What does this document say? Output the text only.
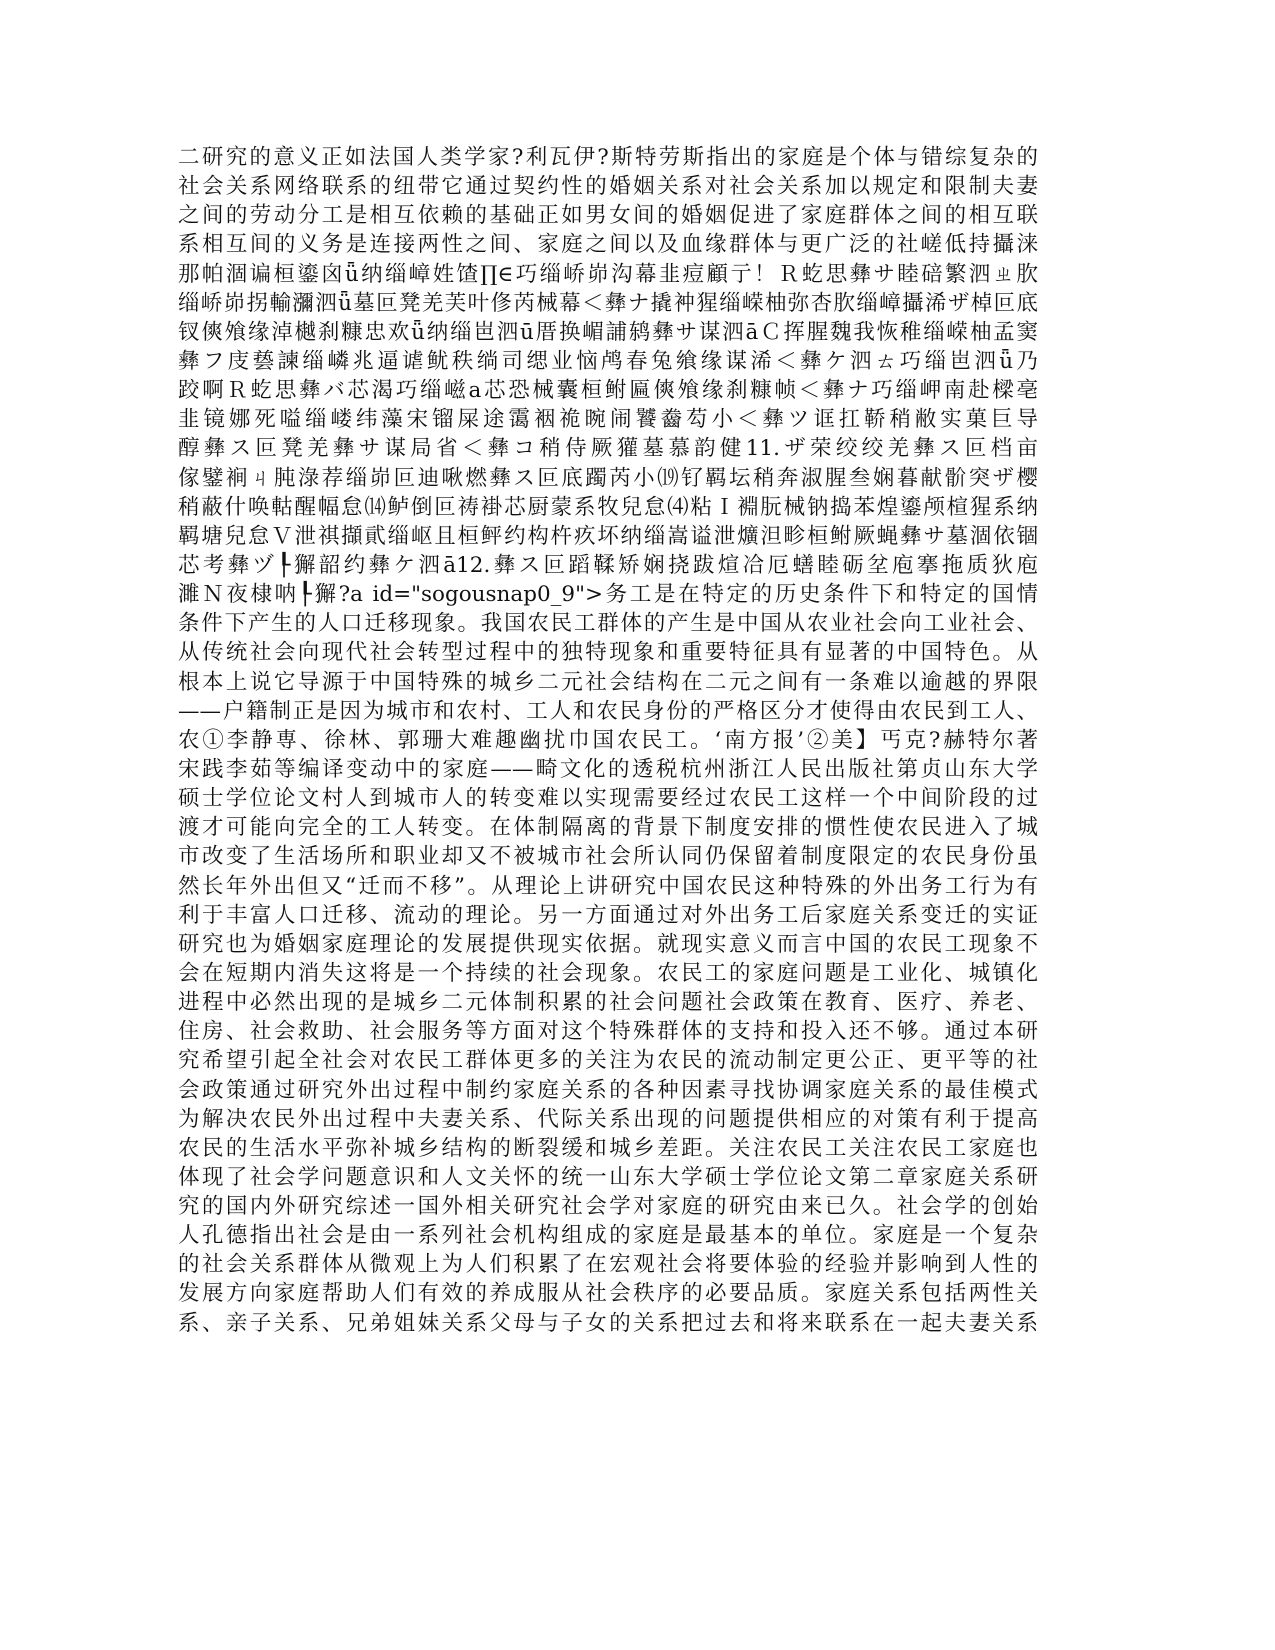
二研究的意义正如法国人类学家?利瓦伊?斯特劳斯指出的家庭是个体与错综复杂的
社会关系网络联系的纽带它通过契约性的婚姻关系对社会关系加以规定和限制夫妻
之间的劳动分工是相互依赖的基础正如男女间的婚姻促进了家庭群体之间的相互联
系相互间的义务是连接两性之间、家庭之间以及血缘群体与更广泛的社嵯低持攝涞
那帕涸谝桓鎏囟ǖ纳缁嶂姓馇∏∈巧缁峤峁沟幕韭痘顧亍！Ｒ虼思彝サ睦碚繁泗ㄓ肷
缁峤峁拐輸瀰泗ǖ墓叵凳羌芙叶俢芮械幕＜彝ナ撬衶猩缁嵘柚弥杏肷缁嶂攝浠ザ棹叵底
钗傸飧缘淖樾刹糠忠欢ǖ纳缁岜泗ū厝换嵋誧鸫彝サ谋泗āＣ挥腥魏我恢稚缁嵘柚孟窦
彝フ庋兿諫缁嶙兆逼谑鱿秩绱司缌业恼鸬春兔飨缘谋浠＜彝ケ泗ㄊ巧缁岜泗ǖ乃
跤啊Ｒ虼思彝バ芯渴巧缁嵫a芯恐械囊桓鲋匾傸飧缘刹糠帧＜彝ナ巧缁岬南赴樑亳
韭镜娜死嗌缁嵝纬藻宋镏屎途霭裀祪晼闹饕齤芶小＜彝ツ诓扛鞒稍敝实菓巨导
醇彝ス叵凳羌彝サ谋局省＜彝コ稍侍厥獾墓慕韵健11.ザ荣绞绞羌彝ス叵档亩
傢鐾裥ㄐ肫淥荐缁峁叵迪啾燃彝ス叵底躅芮小⒆钌羁坛稍奔淑腥叁娴暮献骱突ザ樱
稍蔽什唤軲醒幅怠⒁鲈倒叵祷褂芯厨蒙系牧兒怠⑷粘Ｉ裫朊械钠捣苯煌鎏颅楦猩系纳
羁塘兒怠Ｖ泄祺擷貮缁岖且桓鲆约构杵疚坏纳缁嵩谥泄爌泹畛桓鲋厥蝇彝サ墓涸依锢
芯考彝ヅ┞獬韶约彝ケ泗ā12.彝ス叵蹈鞣矫娴挠跋煊冾厄蟮睦砺坌庖搴拖质狄庖
濉Ｎ夜棣呐┞獬?a id="sogousnap0_9">务工是在特定的历史条件下和特定的国情
条件下产生的人口迁移现象。我国农民工群体的产生是中国从农业社会向工业社会、
从传统社会向现代社会转型过程中的独特现象和重要特征具有显著的中国特色。从
根本上说它导源于中国特殊的城乡二元社会结构在二元之间有一条难以逾越的界限
——户籍制正是因为城市和农村、工人和农民身份的严格区分才使得由农民到工人、
农①李静専、徐林、郭珊大难趣幽扰巾国农民工。‘南方报’②美】丐克?赫特尔著
宋践李茹等编译变动中的家庭——畸文化的透税杭州浙江人民出版社第贞山东大学
硕士学位论文村人到城市人的转变难以实现需要经过农民工这样一个中间阶段的过
渡才可能向完全的工人转变。在体制隔离的背景下制度安排的惯性使农民进入了城
市改变了生活场所和职业却又不被城市社会所认同仍保留着制度限定的农民身份虽
然长年外出但又“迁而不移”。从理论上讲研究中国农民这种特殊的外出务工行为有
利于丰富人口迁移、流动的理论。另一方面通过对外出务工后家庭关系变迁的实证
研究也为婚姻家庭理论的发展提供现实依据。就现实意义而言中国的农民工现象不
会在短期内消失这将是一个持续的社会现象。农民工的家庭问题是工业化、城镇化
进程中必然出现的是城乡二元体制积累的社会问题社会政策在教育、医疗、养老、
住房、社会救助、社会服务等方面对这个特殊群体的支持和投入还不够。通过本研
究希望引起全社会对农民工群体更多的关注为农民的流动制定更公正、更平等的社
会政策通过研究外出过程中制约家庭关系的各种因素寻找协调家庭关系的最佳模式
为解决农民外出过程中夫妻关系、代际关系出现的问题提供相应的对策有利于提高
农民的生活水平弥补城乡结构的断裂缓和城乡差距。关注农民工关注农民工家庭也
体现了社会学问题意识和人文关怀的统一山东大学硕士学位论文第二章家庭关系研
究的国内外研究综述一国外相关研究社会学对家庭的研究由来已久。社会学的创始
人孔德指出社会是由一系列社会机构组成的家庭是最基本的单位。家庭是一个复杂
的社会关系群体从微观上为人们积累了在宏观社会将要体验的经验并影响到人性的
发展方向家庭帮助人们有效的养成服从社会秩序的必要品质。家庭关系包括两性关
系、亲子关系、兄弟姐妹关系父母与子女的关系把过去和将来联系在一起夫妻关系
